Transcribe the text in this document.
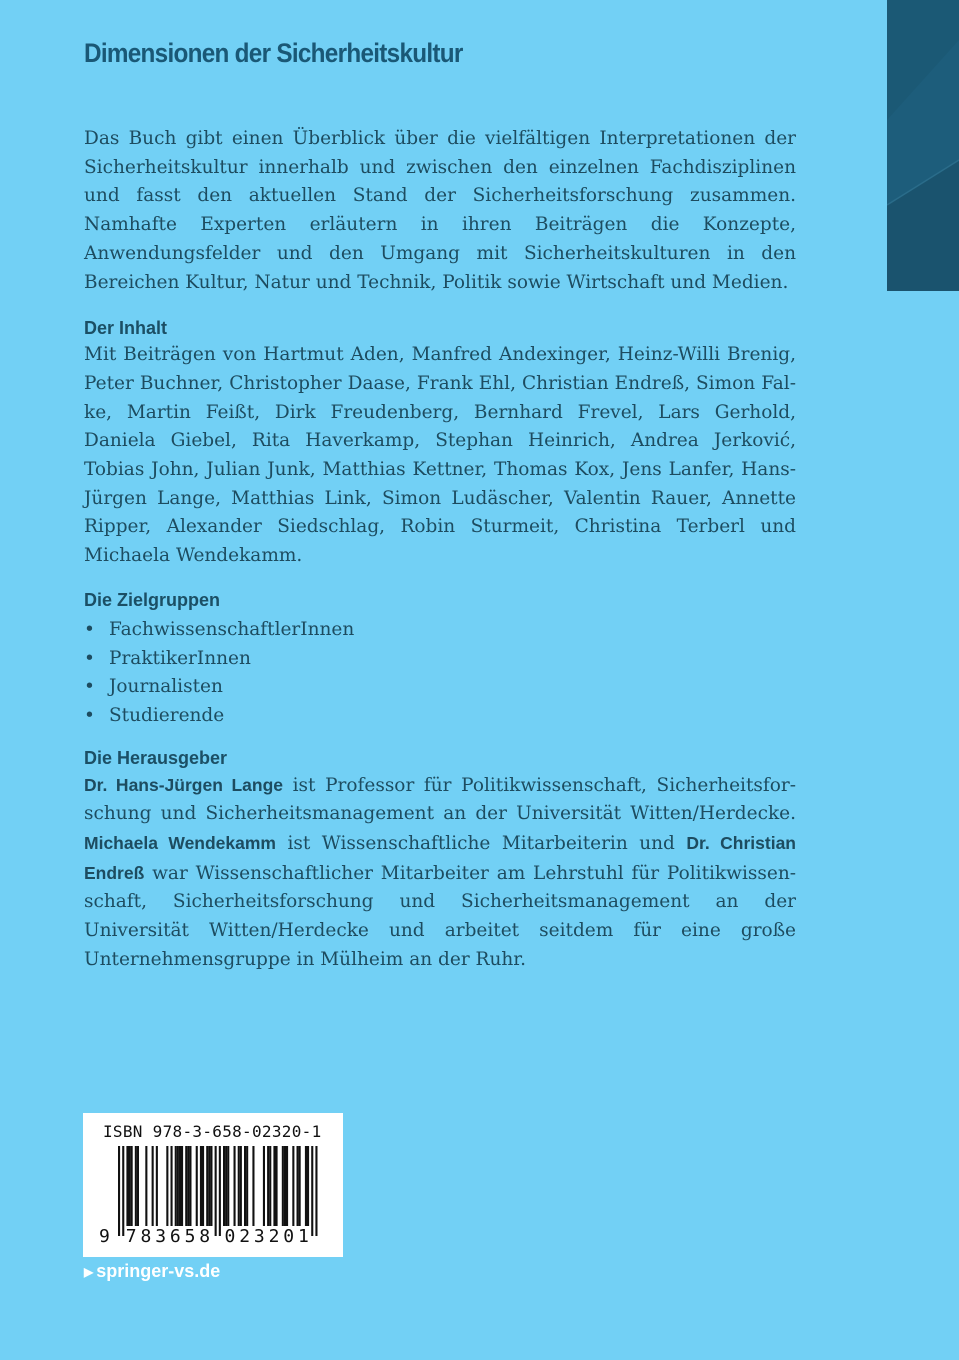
Dimensionen der Sicherheitskultur

Das Buch gibt einen Überblick über die vielfältigen Interpretationen der Sicherheitskultur innerhalb und zwischen den einzelnen Fachdisziplinen und fasst den aktuellen Stand der Sicherheitsforschung zusammen. Namhafte Experten erläutern in ihren Beiträgen die Konzepte, Anwendungsfelder und den Umgang mit Sicherheitskulturen in den Bereichen Kultur, Natur und Technik, Politik sowie Wirtschaft und Medien.

Der Inhalt

Mit Beiträgen von Hartmut Aden, Manfred Andexinger, Heinz-Willi Brenig, Peter Buchner, Christopher Daase, Frank Ehl, Christian Endreß, Simon Falke, Martin Feißt, Dirk Freudenberg, Bernhard Frevel, Lars Gerhold, Daniela Giebel, Rita Haverkamp, Stephan Heinrich, Andrea Jerković, Tobias John, Julian Junk, Matthias Kettner, Thomas Kox, Jens Lanfer, Hans-Jürgen Lange, Matthias Link, Simon Ludäscher, Valentin Rauer, Annette Ripper, Alexander Siedschlag, Robin Sturmeit, Christina Terberl und Michaela Wendekamm.

Die Zielgruppen
• FachwissenschaftlerInnen
• PraktikerInnen
• Journalisten
• Studierende
Die Herausgeber

Dr. Hans-Jürgen Lange ist Professor für Politikwissenschaft, Sicherheitsforschung und Sicherheitsmanagement an der Universität Witten/Herdecke. Michaela Wendekamm ist Wissenschaftliche Mitarbeiterin und Dr. Christian Endreß war Wissenschaftlicher Mitarbeiter am Lehrstuhl für Politikwissenschaft, Sicherheitsforschung und Sicherheitsmanagement an der Universität Witten/Herdecke und arbeitet seitdem für eine große Unternehmensgruppe in Mülheim an der Ruhr.

ISBN 978-3-658-02320-1
9 7 8 3 6 5 8 0 2 3 2 0 1
▶ springer-vs.de
